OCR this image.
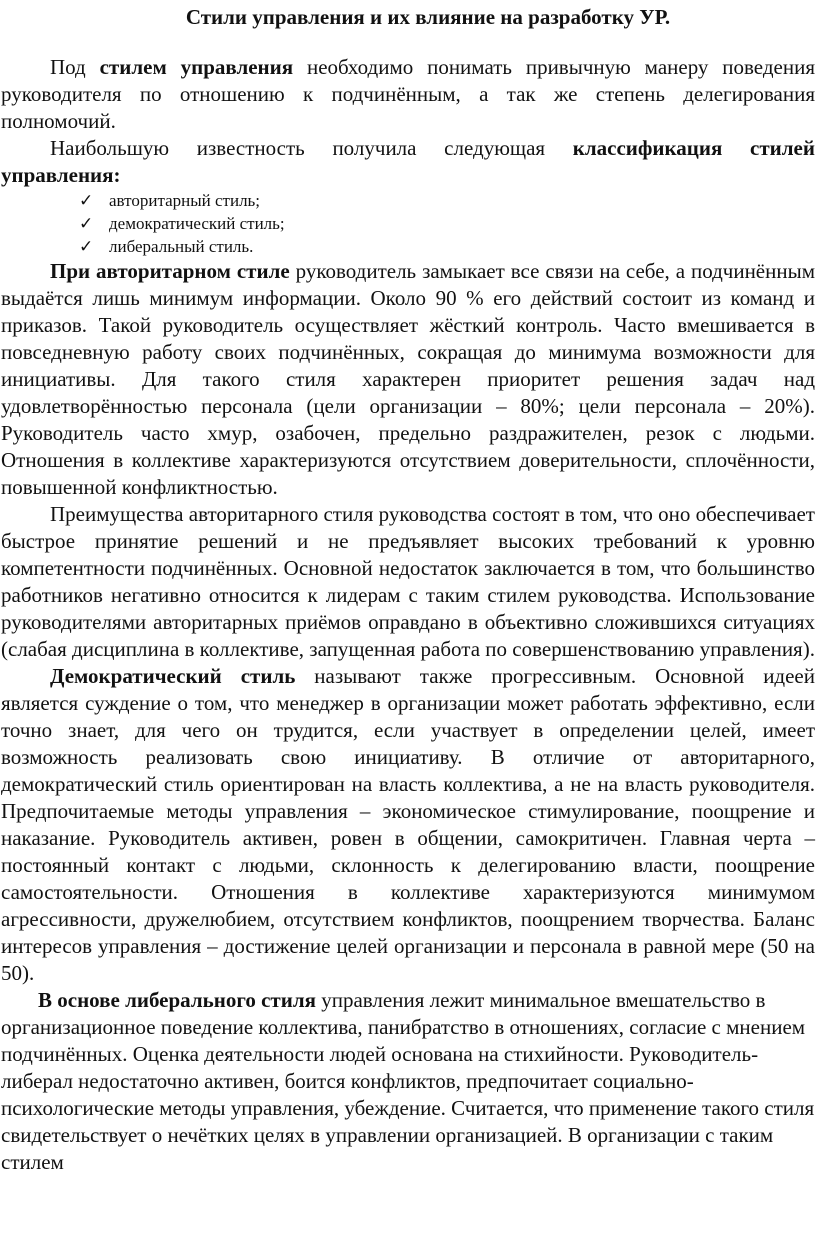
Стили управления и их влияние на разработку УР.

Под стилем управления необходимо понимать привычную манеру поведения руководителя по отношению к подчинённым, а так же степень делегирования полномочий.

Наибольшую известность получила следующая классификация стилей управления:

✓ авторитарный стиль;
✓ демократический стиль;
✓ либеральный стиль.

При авторитарном стиле руководитель замыкает все связи на себе, а подчинённым выдаётся лишь минимум информации. Около 90 % его действий состоит из команд и приказов. Такой руководитель осуществляет жёсткий контроль. Часто вмешивается в повседневную работу своих подчинённых, сокращая до минимума возможности для инициативы. Для такого стиля характерен приоритет решения задач над удовлетворённостью персонала (цели организации – 80%; цели персонала – 20%). Руководитель часто хмур, озабочен, предельно раздражителен, резок с людьми. Отношения в коллективе характеризуются отсутствием доверительности, сплочённости, повышенной конфликтностью.

Преимущества авторитарного стиля руководства состоят в том, что оно обеспечивает быстрое принятие решений и не предъявляет высоких требований к уровню компетентности подчинённых. Основной недостаток заключается в том, что большинство работников негативно относится к лидерам с таким стилем руководства. Использование руководителями авторитарных приёмов оправдано в объективно сложившихся ситуациях (слабая дисциплина в коллективе, запущенная работа по совершенствованию управления).

Демократический стиль называют также прогрессивным. Основной идеей является суждение о том, что менеджер в организации может работать эффективно, если точно знает, для чего он трудится, если участвует в определении целей, имеет возможность реализовать свою инициативу. В отличие от авторитарного, демократический стиль ориентирован на власть коллектива, а не на власть руководителя. Предпочитаемые методы управления – экономическое стимулирование, поощрение и наказание. Руководитель активен, ровен в общении, самокритичен. Главная черта – постоянный контакт с людьми, склонность к делегированию власти, поощрение самостоятельности. Отношения в коллективе характеризуются минимумом агрессивности, дружелюбием, отсутствием конфликтов, поощрением творчества. Баланс интересов управления – достижение целей организации и персонала в равной мере (50 на 50).

В основе либерального стиля управления лежит минимальное вмешательство в организационное поведение коллектива, панибратство в отношениях, согласие с мнением подчинённых. Оценка деятельности людей основана на стихийности. Руководитель-либерал недостаточно активен, боится конфликтов, предпочитает социально-психологические методы управления, убеждение. Считается, что применение такого стиля свидетельствует о нечётких целях в управлении организацией. В организации с таким стилем
